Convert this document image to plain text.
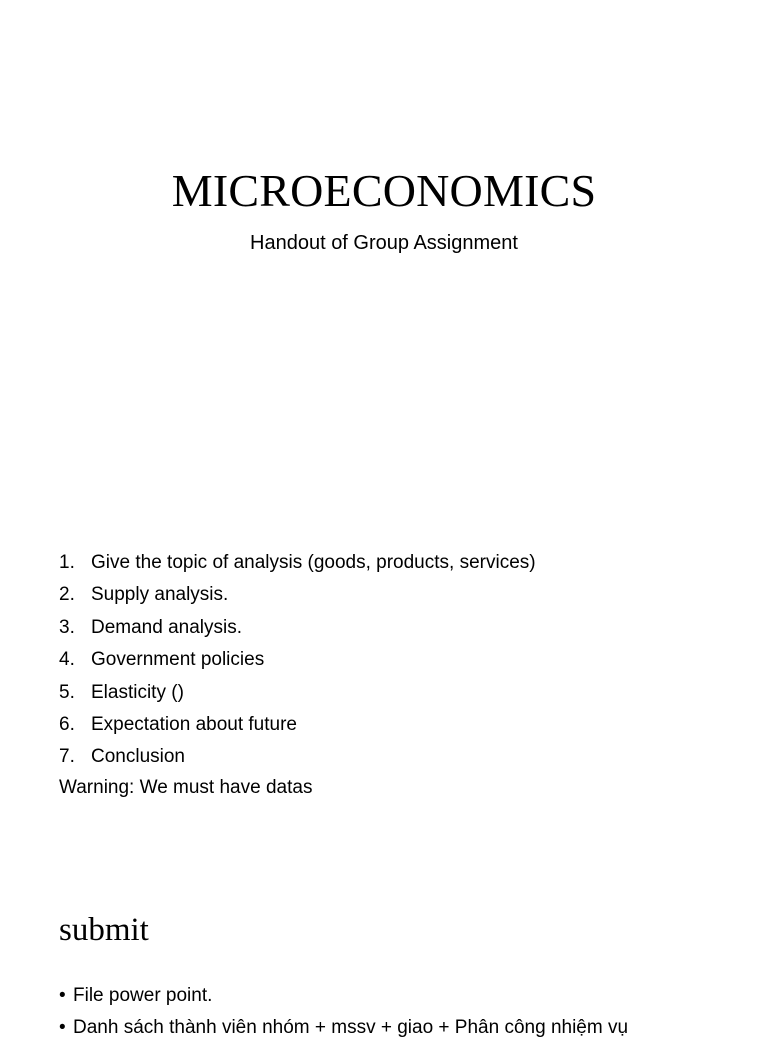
MICROECONOMICS
Handout of Group Assignment
1. Give the topic of analysis (goods, products, services)
2. Supply analysis.
3. Demand analysis.
4. Government policies
5. Elasticity ()
6. Expectation about future
7. Conclusion
Warning: We must have datas
submit
• File power point.
• Danh sách thành viên nhóm + mssv + giao + Phân công nhiệm vụ
